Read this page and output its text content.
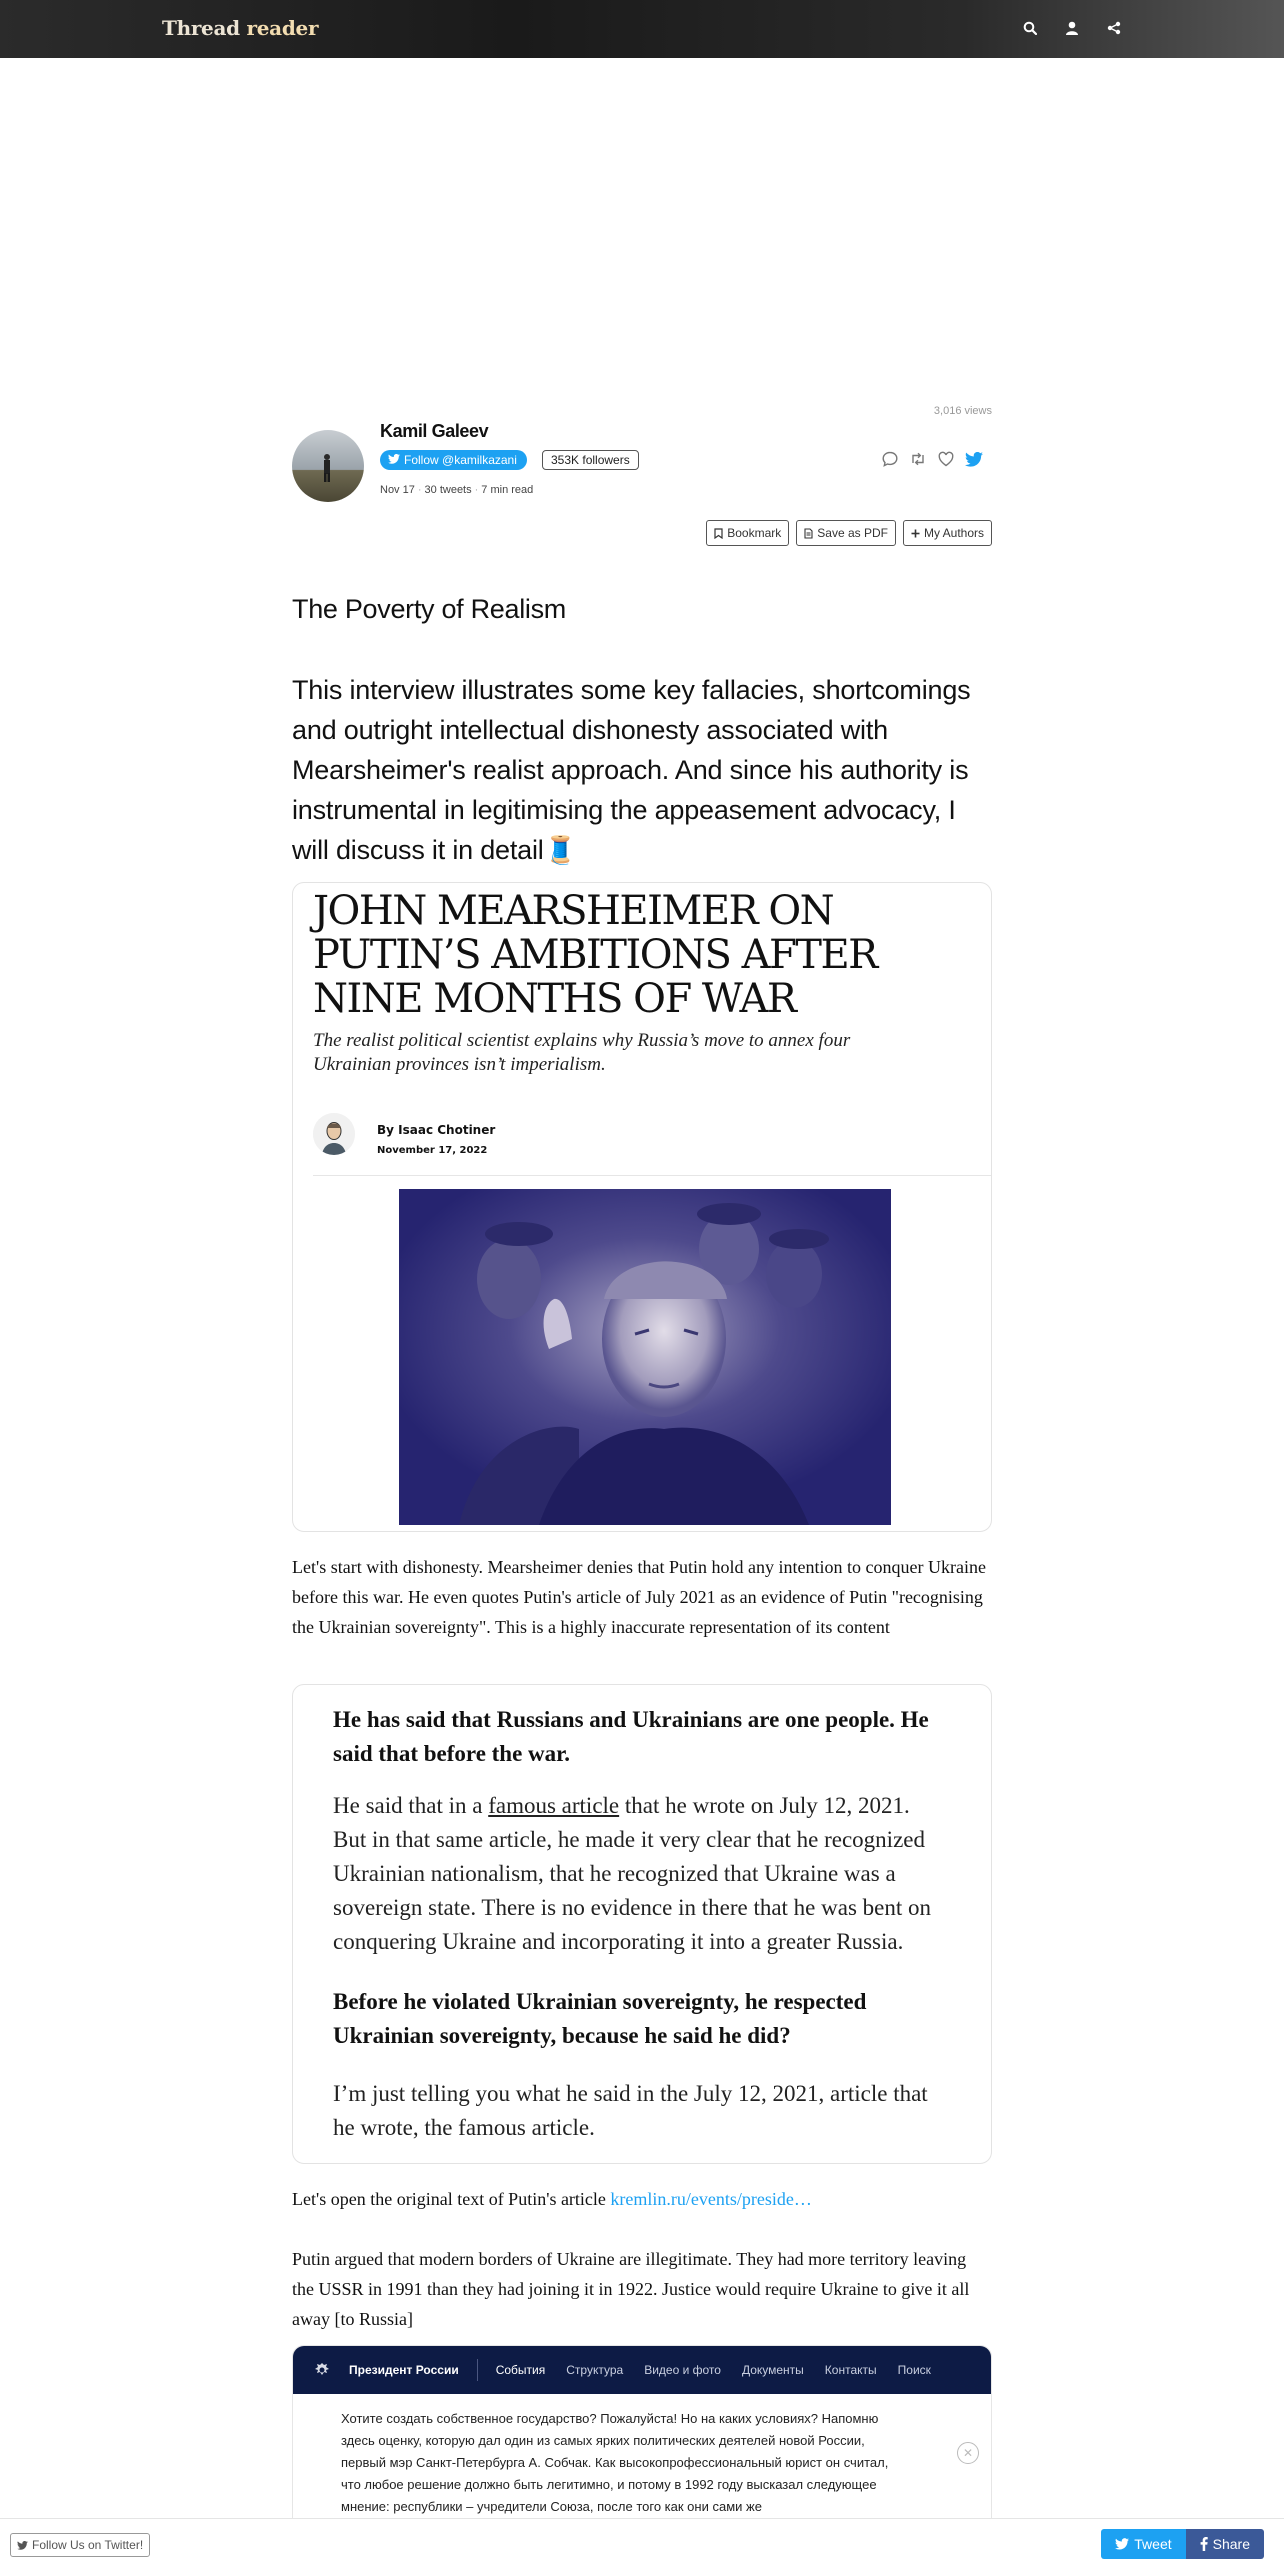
Thread reader
3,016 views
Kamil Galeev
Follow @kamilkazani	353K followers
Nov 17 · 30 tweets · 7 min read
Bookmark	Save as PDF	My Authors
The Poverty of Realism
This interview illustrates some key fallacies, shortcomings and outright intellectual dishonesty associated with Mearsheimer's realist approach. And since his authority is instrumental in legitimising the appeasement advocacy, I will discuss it in detail🧵
JOHN MEARSHEIMER ON PUTIN’S AMBITIONS AFTER NINE MONTHS OF WAR
The realist political scientist explains why Russia’s move to annex four Ukrainian provinces isn’t imperialism.
By Isaac Chotiner
November 17, 2022
Let's start with dishonesty. Mearsheimer denies that Putin hold any intention to conquer Ukraine before this war. He even quotes Putin's article of July 2021 as an evidence of Putin "recognising the Ukrainian sovereignty". This is a highly inaccurate representation of its content
He has said that Russians and Ukrainians are one people. He said that before the war.
He said that in a famous article that he wrote on July 12, 2021. But in that same article, he made it very clear that he recognized Ukrainian nationalism, that he recognized that Ukraine was a sovereign state. There is no evidence in there that he was bent on conquering Ukraine and incorporating it into a greater Russia.
Before he violated Ukrainian sovereignty, he respected Ukrainian sovereignty, because he said he did?
I’m just telling you what he said in the July 12, 2021, article that he wrote, the famous article.
Let's open the original text of Putin's article kremlin.ru/events/preside…
Putin argued that modern borders of Ukraine are illegitimate. They had more territory leaving the USSR in 1991 than they had joining it in 1922. Justice would require Ukraine to give it all away [to Russia]
Президент России	События Структура Видео и фото Документы Контакты Поиск
Хотите создать собственное государство? Пожалуйста! Но на каких условиях? Напомню здесь оценку, которую дал один из самых ярких политических деятелей новой России, первый мэр Санкт-Петербурга А. Собчак. Как высокопрофессиональный юрист он считал, что любое решение должно быть легитимно, и потому в 1992 году высказал следующее мнение: республики – учредители Союза, после того как они сами же
✕
Follow Us on Twitter!	Tweet	Share
